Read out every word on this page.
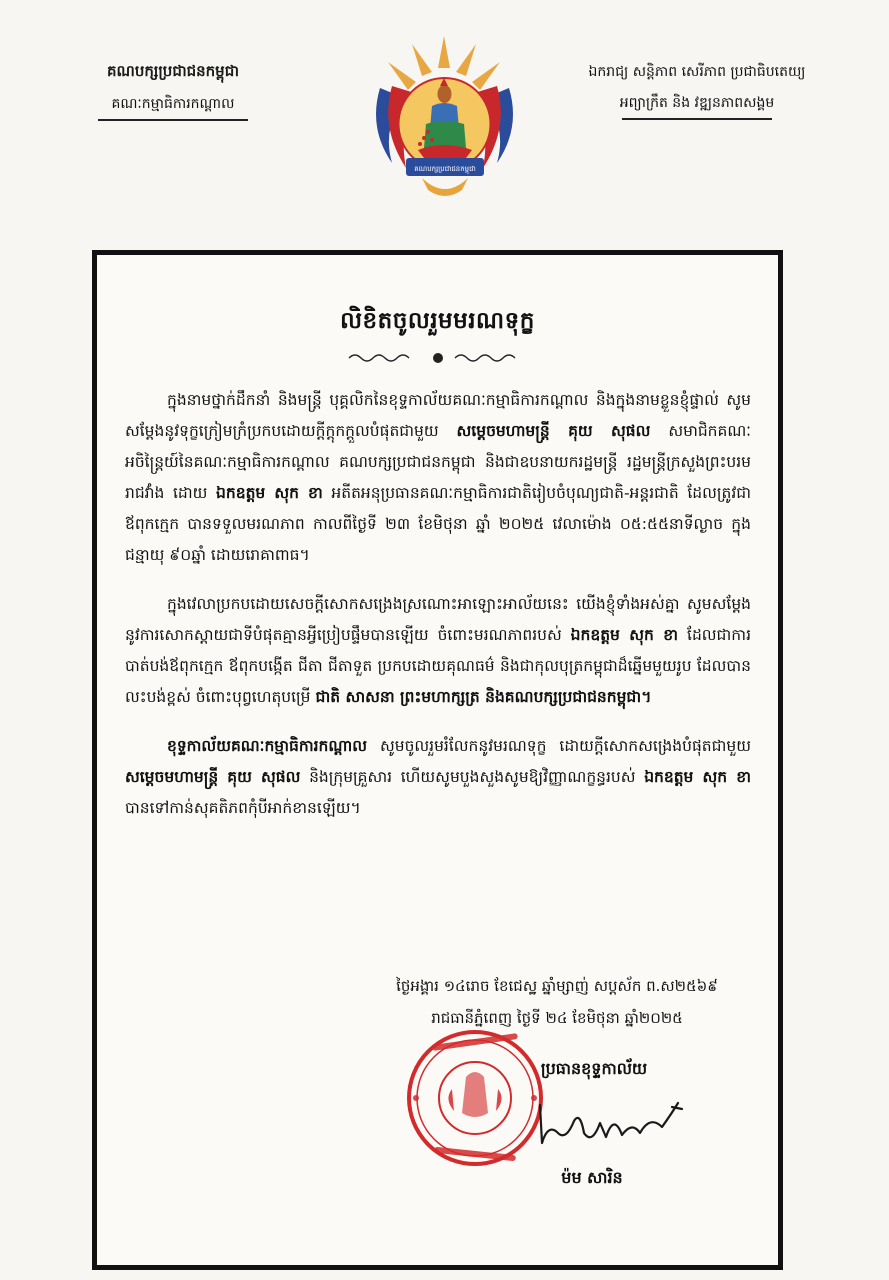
គណបក្សប្រជាជនកម្ពុជា
គណៈកម្មាធិការកណ្តាល
គណបក្សប្រជាជនកម្ពុជា
ឯករាជ្យ សន្តិភាព សេរីភាព ប្រជាធិបតេយ្យ
អព្យាក្រឹត និង វឌ្ឍនភាពសង្គម
លិខិតចូលរួមមរណទុក្ខ

ក្នុងនាមថ្នាក់ដឹកនាំ និងមន្ត្រី បុគ្គលិកនៃខុទ្ទកាល័យគណៈកម្មាធិការកណ្តាល និងក្នុងនាមខ្លួនខ្ញុំផ្ទាល់ សូមសម្តែងនូវទុក្ខក្រៀមក្រំប្រកបដោយក្តីក្តុកក្តួលបំផុតជាមួយ សម្តេចមហាមន្ត្រី គុយ សុផល សមាជិកគណៈអចិន្ត្រៃយ៍នៃគណៈកម្មាធិការកណ្តាល គណបក្សប្រជាជនកម្ពុជា និងជាឧបនាយករដ្ឋមន្ត្រី រដ្ឋមន្ត្រីក្រសួងព្រះបរមរាជវាំង ដោយ ឯកឧត្តម សុក ខា អតីតអនុប្រធានគណៈកម្មាធិការជាតិរៀបចំបុណ្យជាតិ-អន្តរជាតិ ដែលត្រូវជាឪពុកក្មេក បានទទួលមរណភាព កាលពីថ្ងៃទី ២៣ ខែមិថុនា ឆ្នាំ ២០២៥ វេលាម៉ោង ០៥:៥៥នាទីល្ងាច ក្នុងជន្មាយុ ៩០ឆ្នាំ ដោយរោគាពាធ។

ក្នុងវេលាប្រកបដោយសេចក្តីសោកសង្រេងស្រណោះអាឡោះអាល័យនេះ យើងខ្ញុំទាំងអស់គ្នា សូមសម្តែងនូវការសោកស្តាយជាទីបំផុតគ្មានអ្វីប្រៀបផ្ទឹមបានឡើយ ចំពោះមរណភាពរបស់ ឯកឧត្តម សុក ខា ដែលជាការបាត់បង់ឪពុកក្មេក ឪពុកបង្កើត ជីតា ជីតាទួត ប្រកបដោយគុណធម៌ និងជាកុលបុត្រកម្ពុជាដ៏ឆ្នើមមួយរូប ដែលបានលះបង់ខ្ពស់ ចំពោះបុព្វហេតុបម្រើ ជាតិ សាសនា ព្រះមហាក្សត្រ និងគណបក្សប្រជាជនកម្ពុជា។

ខុទ្ទកាល័យគណៈកម្មាធិការកណ្តាល សូមចូលរួមរំលែកនូវមរណទុក្ខ ដោយក្តីសោកសង្រេងបំផុតជាមួយ សម្តេចមហាមន្ត្រី គុយ សុផល និងក្រុមគ្រួសារ ហើយសូមបួងសួងសូមឱ្យវិញ្ញាណក្ខន្ធរបស់ ឯកឧត្តម សុក ខា បានទៅកាន់សុគតិភពកុំបីអាក់ខានឡើយ។

ថ្ងៃអង្គារ ១៤រោច ខែជេស្ឋ ឆ្នាំម្សាញ់ សប្តស័ក ព.ស២៥៦៩
រាជធានីភ្នំពេញ ថ្ងៃទី ២៤ ខែមិថុនា ឆ្នាំ២០២៥
ប្រធានខុទ្ទកាល័យ
ម៉ម សារិន
